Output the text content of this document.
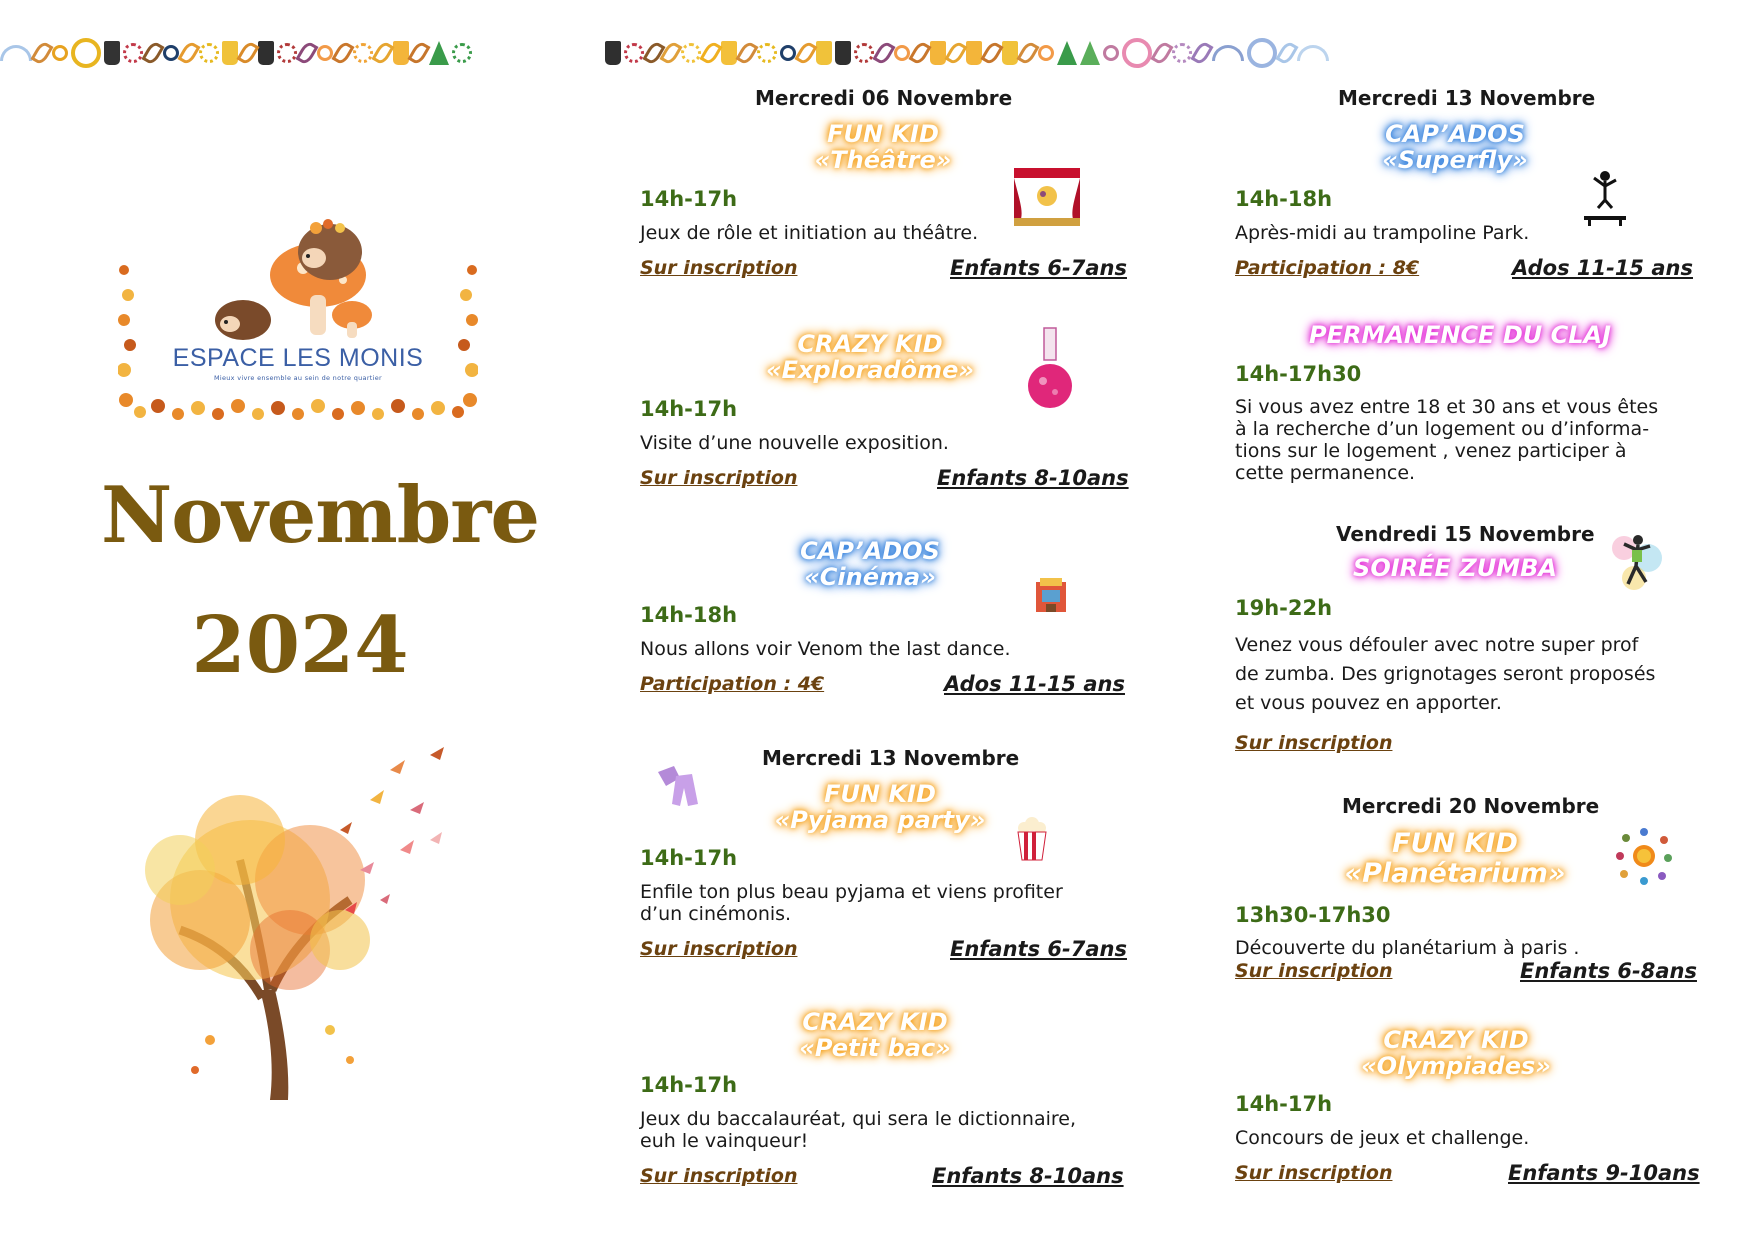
ESPACE LES MONIS
Mieux vivre ensemble au sein de notre quartier
Novembre
2024
Mercredi 06 Novembre
FUN KID
«Théâtre»
14h-17h
Jeux de rôle et initiation au théâtre.
Sur inscription	Enfants 6-7ans
CRAZY KID
«Exploradôme»
14h-17h
Visite d’une nouvelle exposition.
Sur inscription	Enfants 8-10ans
CAP’ADOS
«Cinéma»
14h-18h
Nous allons voir Venom the last dance.
Participation : 4€	Ados 11-15 ans
Mercredi 13 Novembre
FUN KID
«Pyjama party»
14h-17h
Enfile ton plus beau pyjama et viens profiter
d’un cinémonis.
Sur inscription	Enfants 6-7ans
CRAZY KID
«Petit bac»
14h-17h
Jeux du baccalauréat, qui sera le dictionnaire,
euh le vainqueur!
Sur inscription	Enfants 8-10ans
Mercredi 13 Novembre
CAP’ADOS
«Superfly»
14h-18h
Après-midi au trampoline Park.
Participation : 8€	Ados 11-15 ans
PERMANENCE DU CLAJ
14h-17h30
Si vous avez entre 18 et 30 ans et vous êtes
à la recherche d’un logement ou d’informa-
tions sur le logement , venez participer à
cette permanence.
Vendredi 15 Novembre
SOIRÉE ZUMBA
19h-22h
Venez vous défouler avec notre super prof
de zumba. Des grignotages seront proposés
et vous pouvez en apporter.
Sur inscription
Mercredi 20 Novembre
FUN KID
«Planétarium»
13h30-17h30
Découverte du planétarium à paris .
Sur inscription	Enfants 6-8ans
CRAZY KID
«Olympiades»
14h-17h
Concours de jeux et challenge.
Sur inscription	Enfants 9-10ans
